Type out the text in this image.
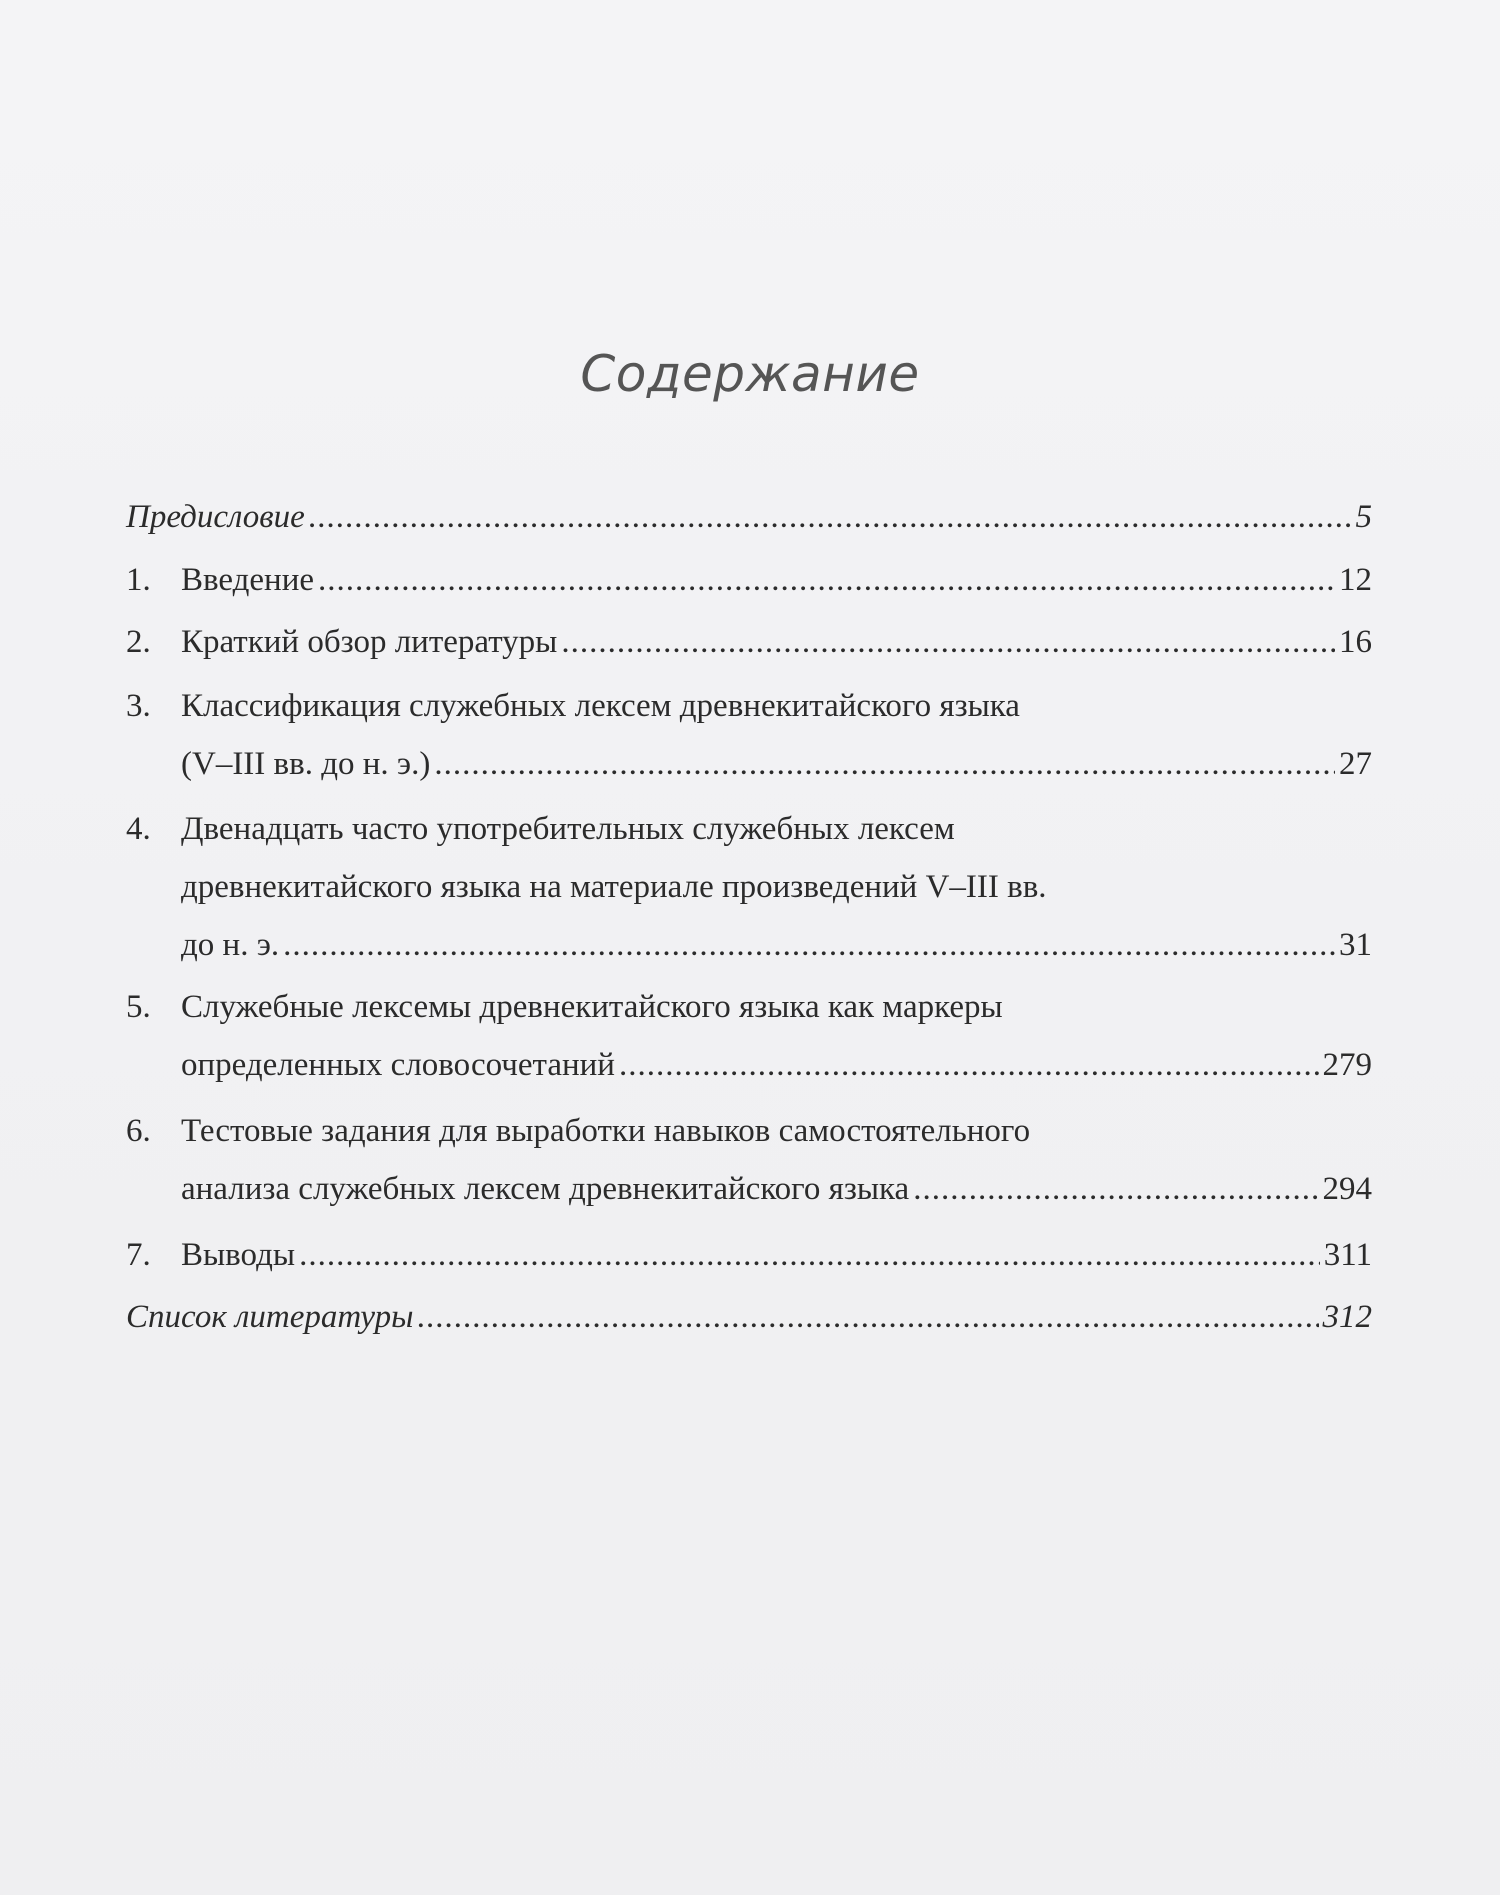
Содержание
Предисловие .....	5
1. Введение .....	12
2. Краткий обзор литературы .....	16
3. Классификация служебных лексем древнекитайского языка
(V–III вв. до н. э.) .....	27
4. Двенадцать часто употребительных служебных лексем
древнекитайского языка на материале произведений V–III вв.
до н. э. .....	31
5. Служебные лексемы древнекитайского языка как маркеры
определенных словосочетаний .....	279
6. Тестовые задания для выработки навыков самостоятельного
анализа служебных лексем древнекитайского языка .....	294
7. Выводы .....	311
Список литературы .....	312
